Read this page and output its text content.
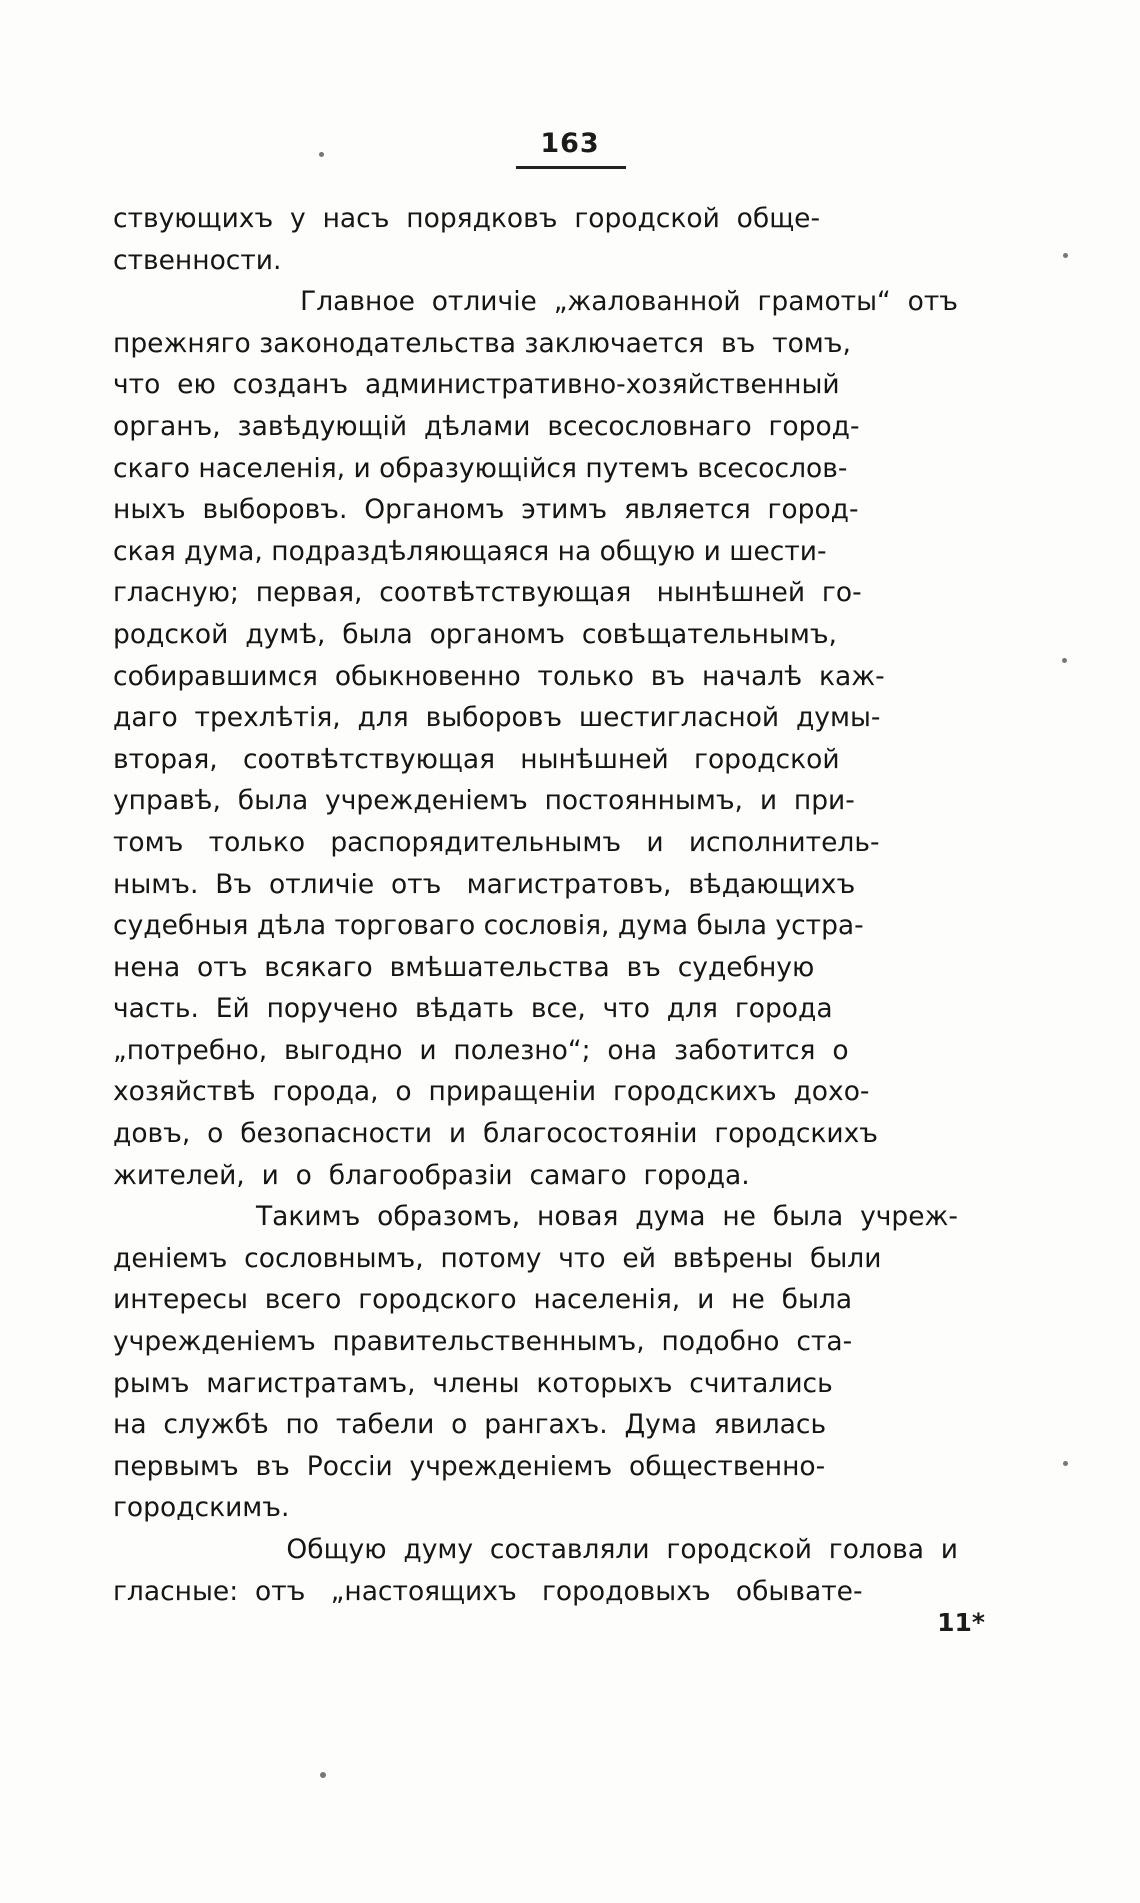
163

ствующихъ  у  насъ  порядковъ  городской  обще-
ственности.

Главное  отличіе  „жалованной  грамоты“  отъ
прежняго законодательства заключается  въ  томъ,
что  ею  созданъ  административно-хозяйственный
органъ,  завѣдующій  дѣлами  всесословнаго  город-
скаго населенія, и образующійся путемъ всесослов-
ныхъ  выборовъ.  Органомъ  этимъ  является  город-
ская дума, подраздѣляющаяся на общую и шести-
гласную;  первая,  соотвѣтствующая   нынѣшней  го-
родской  думѣ,  была  органомъ  совѣщательнымъ,
собиравшимся  обыкновенно  только  въ  началѣ  каж-
даго  трехлѣтія,  для  выборовъ  шестигласной  думы-
вторая,   соотвѣтствующая   нынѣшней   городской
управѣ,  была  учрежденіемъ  постояннымъ,  и  при-
томъ   только   распорядительнымъ   и   исполнитель-
нымъ.  Въ  отличіе  отъ   магистратовъ,  вѣдающихъ
судебныя дѣла торговаго сословія, дума была устра-
нена  отъ  всякаго  вмѣшательства  въ  судебную
часть.  Ей  поручено  вѣдать  все,  что  для  города
„потребно,  выгодно  и  полезно“;  она  заботится  о
хозяйствѣ  города,  о  приращеніи  городскихъ  дохо-
довъ,  о  безопасности  и  благосостояніи  городскихъ
жителей,  и  о  благообразіи  самаго  города.

Такимъ  образомъ,  новая  дума  не  была  учреж-
деніемъ  сословнымъ,  потому  что  ей  ввѣрены  были
интересы  всего  городского  населенія,  и  не  была
учрежденіемъ  правительственнымъ,  подобно  ста-
рымъ  магистратамъ,  члены  которыхъ  считались
на  службѣ  по  табели  о  рангахъ.  Дума  явилась
первымъ  въ  Россіи  учрежденіемъ  общественно-
городскимъ.

Общую  думу  составляли  городской  голова  и
гласные:  отъ   „настоящихъ   городовыхъ   обывате-

11*
